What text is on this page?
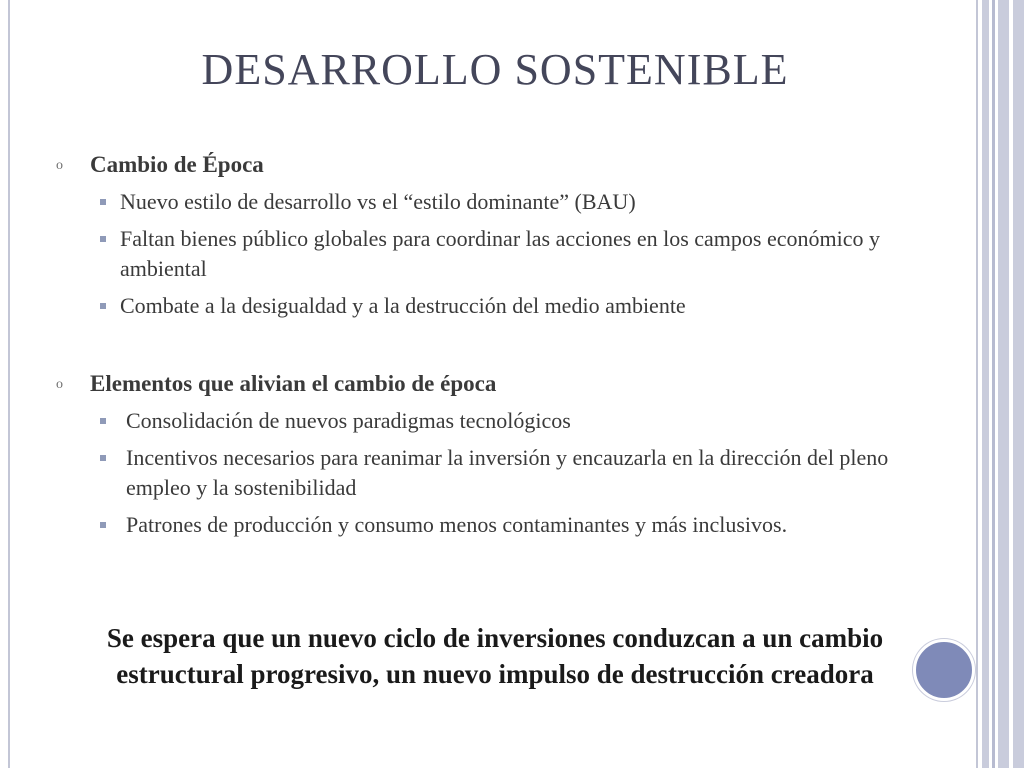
DESARROLLO SOSTENIBLE
o Cambio de Época
Nuevo estilo de desarrollo vs el “estilo dominante” (BAU)
Faltan bienes público globales para coordinar las acciones en los campos económico y ambiental
Combate a la desigualdad y a la destrucción del medio ambiente
o Elementos que alivian el cambio de época
Consolidación de nuevos paradigmas tecnológicos
Incentivos necesarios para reanimar la inversión y encauzarla en la dirección del pleno empleo y la sostenibilidad
Patrones de producción y consumo menos contaminantes y más inclusivos.
Se espera que un nuevo ciclo de inversiones conduzcan a un cambio estructural progresivo, un nuevo impulso de destrucción creadora
